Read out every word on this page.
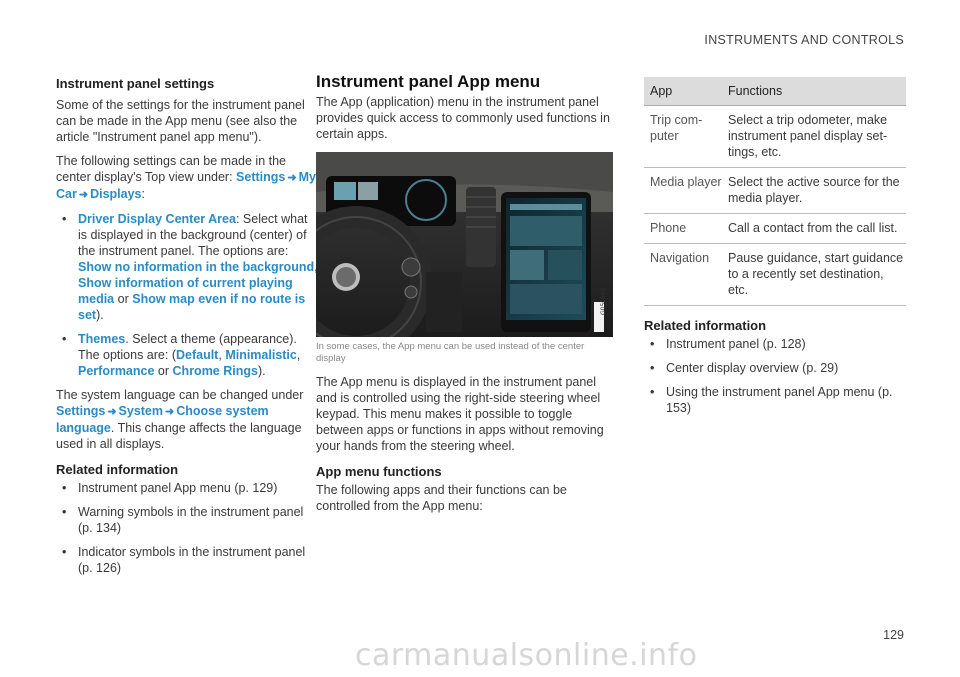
INSTRUMENTS AND CONTROLS
Instrument panel settings

Some of the settings for the instrument panel can be made in the App menu (see also the article "Instrument panel app menu").

The following settings can be made in the center display's Top view under: Settings ➜ My Car ➜ Displays:

• Driver Display Center Area: Select what is displayed in the background (center) of the instrument panel. The options are: Show no information in the backgroundShow information of current playing media or Show map even if no route is set).
• Themes. Select a theme (appearance). The options are: (Default, Minimalistic, Performance or Chrome Rings).

The system language can be changed under Settings ➜ System ➜ Choose system language. This change affects the language used in all displays.

Related information
• Instrument panel App menu (p. 129)
• Warning symbols in the instrument panel (p. 134)
• Indicator symbols in the instrument panel (p. 126)
Instrument panel App menu

The App (application) menu in the instrument panel provides quick access to commonly used functions in certain apps.

G050865
In some cases, the App menu can be used instead of the center display

The App menu is displayed in the instrument panel and is controlled using the right-side steering wheel keypad. This menu makes it possible to toggle between apps or functions in apps without removing your hands from the steering wheel.

App menu functions

The following apps and their functions can be controlled from the App menu:

App	Functions
Trip computer	Select a trip odometer, make instrument panel display settings, etc.
Media player	Select the active source for the media player.
Phone	Call a contact from the call list.
Navigation	Pause guidance, start guidance to a recently set destination, etc.
Related information
• Instrument panel (p. 128)
• Center display overview (p. 29)
• Using the instrument panel App menu (p. 153)
129
carmanualsonline.info
